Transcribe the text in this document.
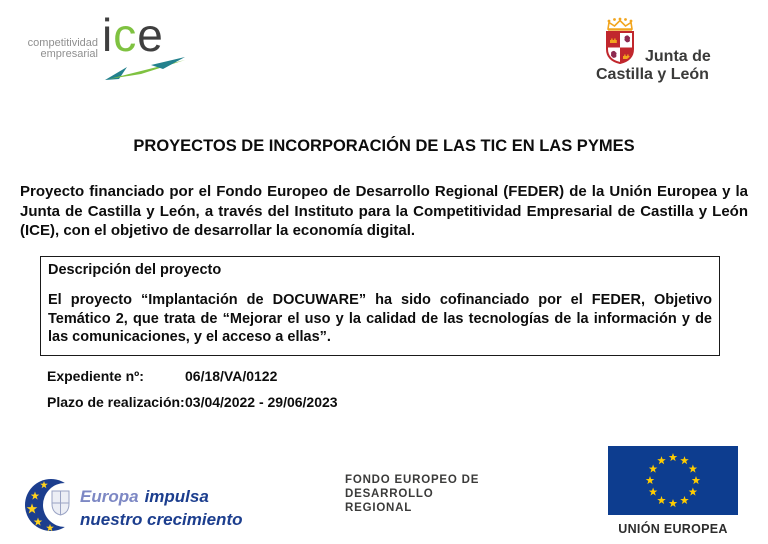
competitividad
empresarial ice	Junta de
Castilla y León
PROYECTOS DE INCORPORACIÓN DE LAS TIC EN LAS PYMES
Proyecto financiado por el Fondo Europeo de Desarrollo Regional (FEDER) de la Unión Europea y la Junta de Castilla y León, a través del Instituto para la Competitividad Empresarial de Castilla y León (ICE), con el objetivo de desarrollar la economía digital.

Descripción del proyecto

El proyecto “Implantación de DOCUWARE” ha sido cofinanciado por el FEDER, Objetivo Temático 2, que trata de “Mejorar el uso y la calidad de las tecnologías de la información y de las comunicaciones, y el acceso a ellas”.

Expediente nº:	06/18/VA/0122
Plazo de realización:03/04/2022 - 29/06/2023
Europa impulsa
nuestro crecimiento
FONDO EUROPEO DE
DESARROLLO
REGIONAL
UNIÓN EUROPEA
